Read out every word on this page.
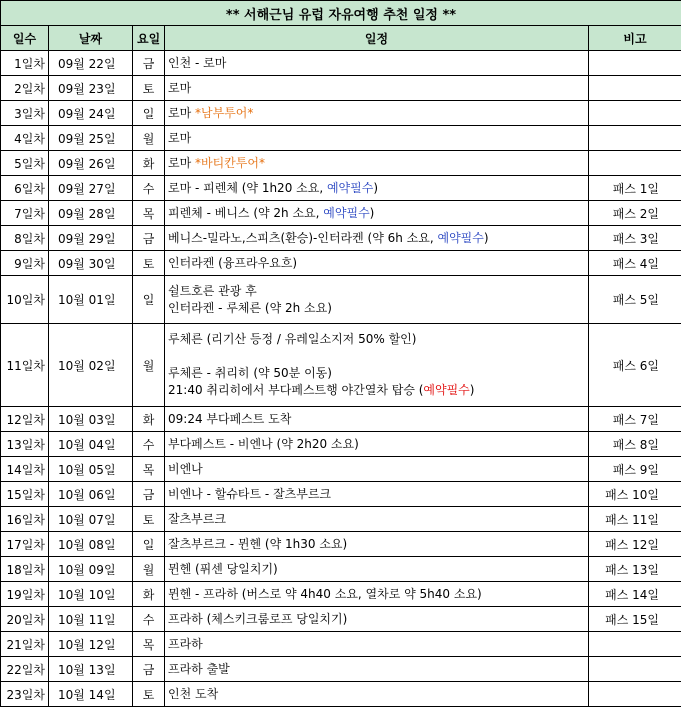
** 서해근님 유럽 자유여행 추천 일정 **				
일수	날짜	요일	일정	비고
1일차	09월 22일	금	인천 - 로마	

2일차	09월 23일	토	로마	

3일차	09월 24일	일	로마 *남부투어*	

4일차	09월 25일	월	로마	

5일차	09월 26일	화	로마 *바티칸투어*	

6일차	09월 27일	수	로마 - 피렌체 (약 1h20 소요, 예약필수)	패스 1일
7일차	09월 28일	목	피렌체 - 베니스 (약 2h 소요, 예약필수)	패스 2일
8일차	09월 29일	금	베니스-밀라노,스피츠(환승)-인터라켄 (약 6h 소요, 예약필수)	패스 3일
9일차	09월 30일	토	인터라켄 (융프라우요흐)	패스 4일
10일차	10월 01일	일	쉴트호른 관광 후
인터라켄 - 루체른 (약 2h 소요)	패스 5일
11일차	10월 02일	월	루체른 (리기산 등정 / 유레일소지저 50% 할인)
루체른 - 취리히 (약 50분 이동)
21:40 취리히에서 부다페스트행 야간열차 탑승 (예약필수)	패스 6일
12일차	10월 03일	화	09:24 부다페스트 도착	패스 7일
13일차	10월 04일	수	부다페스트 - 비엔나 (약 2h20 소요)	패스 8일
14일차	10월 05일	목	비엔나	패스 9일
15일차	10월 06일	금	비엔나 - 할슈타트 - 잘츠부르크	패스 10일
16일차	10월 07일	토	잘츠부르크	패스 11일
17일차	10월 08일	일	잘츠부르크 - 뮌헨 (약 1h30 소요)	패스 12일
18일차	10월 09일	월	뮌헨 (퓌센 당일치기)	패스 13일
19일차	10월 10일	화	뮌헨 - 프라하 (버스로 약 4h40 소요, 열차로 약 5h40 소요)	패스 14일
20일차	10월 11일	수	프라하 (체스키크룸로프 당일치기)	패스 15일
21일차	10월 12일	목	프라하	

22일차	10월 13일	금	프라하 출발	

23일차	10월 14일	토	인천 도착	
